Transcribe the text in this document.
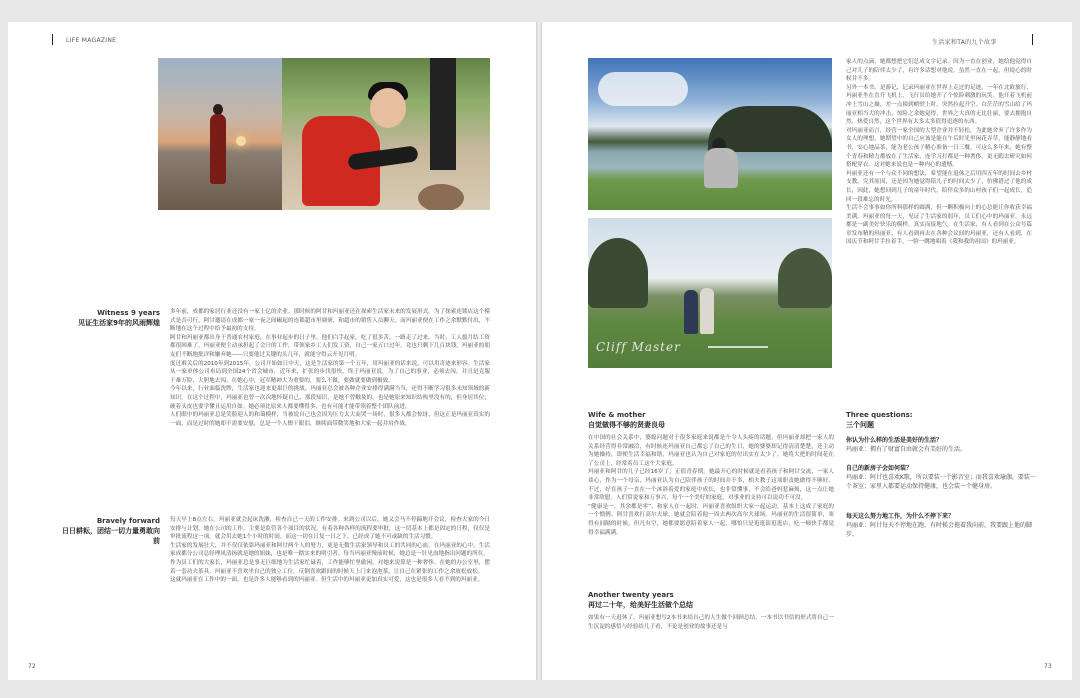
LIFE MAGAZINE
Witness 9 years
见证生活家9年的风雨辉煌

多年前，成都的家居行业还没有一家上亿的企业。那时候的阿甘和玛丽亚还在探索生活家未来的发展形式。为了探索连锁店这个模式是否可行，阿甘邀请在成都一家一夜之间崛起的连锁超市里调研，和超市的销售人员聊天。而玛丽亚便在工作之余默默付出，不断地在这个过程中给予最初的支持。

阿甘和玛丽亚都出身于普通农村家庭。在事业起步的日子里，他们白手起家，吃了很多苦，一路走了过来。当时，工人拔月结工资都很困难了，玛丽亚便主动承担起了会计的工作，带领家乡工人们发工资，自己一家五口过年，竟也只剩下几百块钱。玛丽亚的朋友们不断地批评和嫌弃她——只要他过关键的头几年，就能守得云开见月明。

度过难关后的2010年到2015年，公司开始如日中天，这是生活家的第一个五年，用玛丽亚的话来说，可以用奇迹来形容。生活家从一家单体公司布局到全国24个省会城市，近年来，扩张的步伐很快，终于玛丽亚说，为了自己的事业，必须去闯，并且是克服千难万险，大胆地去闯。在她心中，冠军精神大为重要的，要么不做，要做就要做到极致。

今年以来，行业面临洗牌，生活家也迎来更艰巨的挑战。玛丽亚总会被各种企业安排得满满当当，还得不断学习很多未知领域的新知识。在这个过程中，玛丽亚也曾一次次地怀疑自己，那段知识，是她不曾触及的，也是她原来知识结构里没有的，但身居其位，硬着头皮也要学懂且运用自如。她必须比原来人都要懂得多，也有可能才能带领着整个团队前进。

人们眼中的玛丽亚总是笑脸迎人的和蔼模样，当被说自己也会因为压力太大而哭一场时，很多人都会惊讶，但这正是玛丽亚真实的一面，而是过时的她却不需要安慰，总是一个人擦干眼泪，继续面带微笑地和大家一起并肩作战。

Bravely forward
日日耕耘，团结一切力量勇敢向前

每天早上8点左右，玛丽亚就会起床洗漱，检查自己一天的工作安排。来到公司以后，她又会马不停蹄地开会议，检查大家的今日安排与计划，她在公司的工作，主要是监管各个项目的状况。有着各种各样的流程要审批。这一切基本上都是固定的日程，仅仅是审批流程这一项，就会用去她1个小时的时间。而这一切在日复一日之下，已经成了她不可或缺的生活习惯。

生活家的发展壮大，并不仅仅依靠玛丽亚和阿甘两个人的努力，更是无数生活家领导和员工的共同的心血。在玛丽亚的心中，生活家成都分公司总经理凤清扬就是她的姐妹，也是唯一踏实来的明引者。每当玛丽亚慢前时候，她总是一针见血地指出问题的所在。

作为员工们的大家长，玛丽亚总是事无巨细地为生活家忙碌着，工作能够忙里偷闲，对她来说算是一种奢侈。在她的办公室里，摆着一套功夫茶具，玛丽亚不喜欢坐自己的独立工位，反倒喜欢跟间的时候天上门来泡泡茶，让自己在紧张的工作之余放松放松。

这就玛丽亚在工作中的一面，也是许多人能够看到的玛丽亚。但生活中的玛丽亚更加真实可爱，这也是很多人看不到的玛丽亚。

72
生活家和TA的九个故事
Cliff Master

家人的点滴，她都想把它们总成文字记录。因为一直在创业，她给他觉得自己对儿子的陪伴太少了，有许多话想对他说，虽然一直在一起，但说心的时候并不多。

另外一本书，是游记，记录玛丽亚在世界上走过的足迹。一年在北欧旅行，玛丽亚坐在直升飞机上，飞行员给她开了个惊险刺激的玩笑。他开着飞机前冲上雪山之巅，差一点撞到峭壁上时，突然拉起升空。白茫茫的雪山给了玛丽亚相当大的冲击，惊险之余她觉得，世界之大真的无比壮丽，要去拥抱自然、热爱自然，这个世界有太多太多值得追逐的东西。

对玛丽亚而言，经营一家全国的大型企业并不轻松，为此她舍弃了许多作为女人的理想。她期望中的自己应该是能在午后时光里闲花弄草，能静静地看书，安心地品茶，能为老公孩子精心准备一日三餐，可这么多年来，她有整个青春和精力都放在了生活家，连学习打都是一种奢侈，更无暇去研究如何搭配穿衣。这对她来说也是一种内心的遗憾。

玛丽亚还有一个与众不同的想法，希望能在退休之后用四五年的时间去乡村支教。究其原因，还是因为她觉得陪儿子的时间太少了，仿佛错过了他的成长，因此，她想回到儿子的童年时代，陪伴众多的山村孩子们一起成长，追回一段难忘的时光。

生活不会事事如你所料那样的圆满，但一颗积极向上的心总能让你收获幸福美满。玛丽亚的每一天，见证了生活家的弱年，员工们心中的玛丽亚，永远都是一副美好快乐的模样，真实而接地气。在生活家，有人看到在公众号篇章发布精的玛丽亚，有人看到再去在各种会议间的玛丽亚，还有人看到，在国庆节和阿甘手拉着手，一脸一眺地唱着《我和我的祖国》的玛丽亚。

Wife & mother
自觉做得不够的贤妻良母

在中国的社会关系中，婆媳问题对于很多家庭来说都是个令人头疼的话题。但玛丽亚却把一家人的关系经营得非常融洽，有时候连玛丽亚自己都忘了自己的生日，她的婆婆却记得清清楚楚，还主动为她操持，即便生活幸福和谐，玛丽亚也认为自己对家庭的付出实在太少了，她将大把的时间花在了公司上，经常着员工这个大家庭。

玛丽亚和阿甘的儿子已经16岁了，正值青春期。她最开心的时候就是看着孩子和阿甘交流，一家人谈心，作为一个母亲，玛丽亚认为自己陪伴孩子的时间并不多，相夫教子这项职责她做得不够好。不过，好在孩子一直在一个沐浴着爱的家庭中成长，也非常懂事，不会给爸妈惹麻烦，这一点让她非常欣慰。人们常说家和万事兴，每个一个美好的家庭，对事业的支持可以说功不可没。

“健康是一，其余都是零”，和家人在一起时，玛丽亚喜欢组织大家一起运动，基本上这成了家庭的一个惯例。阿甘喜欢打高尔夫球，她就会陪着他一周去两次高尔夫球场。玛丽亚的生活很简单，寒得有间隔的时候，但凡有空，她都要愿意陪着家人一起，哪怕只是逛逛街逛逛店，吃一顿快手都觉得幸福满满。

Another twenty years
再过二十年，给美好生活做个总结

如果有一天退休了，玛丽亚想写2本书来给自己的人生做个回顾总结。一本书以书信的形式将自己一生沉淀的感悟与经验给儿子看，不论是创业的故事还是与

Three questions:
三个问题

你认为什么样的生活是美好的生活？

玛丽亚：拥有了财富自由就会有美好的生活。

自己的新房子会如何装？

玛丽亚：阿甘也喜欢K歌，所以要装一个影音室；而我喜欢瑜伽，要装一个茶室；家里人都要运动保持健康，也会装一个健身房。

每天这么努力地工作，为什么不停下来？

玛丽亚：阿甘每天不停地在跑，有时候会拖着我向前，我要跟上他的脚步。

73
